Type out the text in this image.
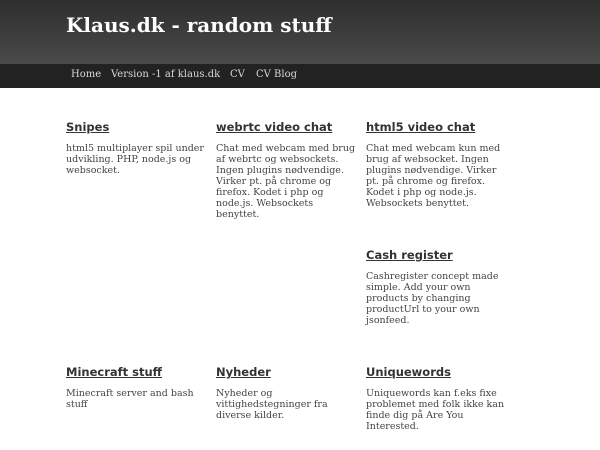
Klaus.dk - random stuff
Home Version -1 af klaus.dk CV CV Blog
Snipes

html5 multiplayer spil under udvikling. PHP, node.js og websocket.

webrtc video chat

Chat med webcam med brug af webrtc og websockets. Ingen plugins nødvendige. Virker pt. på chrome og firefox. Kodet i php og node.js. Websockets benyttet.

html5 video chat

Chat med webcam kun med brug af websocket. Ingen plugins nødvendige. Virker pt. på chrome og firefox. Kodet i php og node.js. Websockets benyttet.

Cash register

Cashregister concept made simple. Add your own products by changing productUrl to your own jsonfeed.

Minecraft stuff

Minecraft server and bash stuff

Nyheder

Nyheder og vittighedstegninger fra diverse kilder.

Uniquewords

Uniquewords kan f.eks fixe problemet med folk ikke kan finde dig på Are You Interested.
